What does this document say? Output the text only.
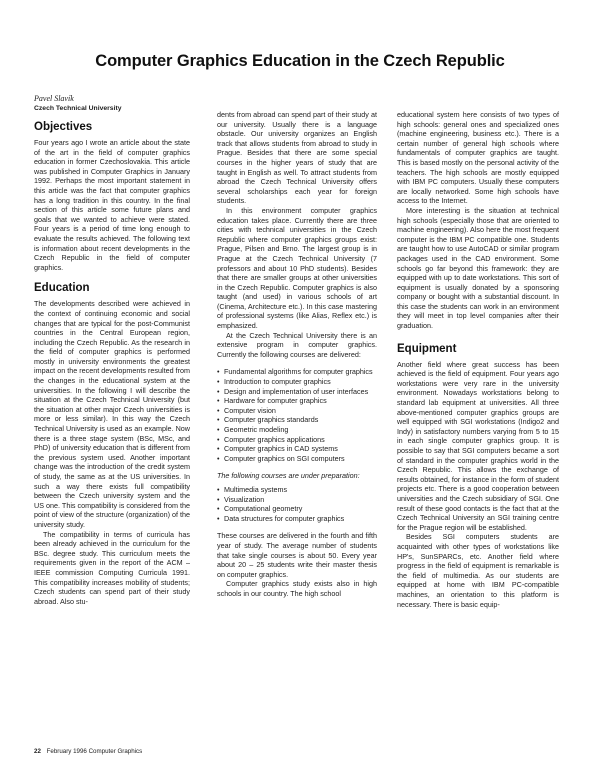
Computer Graphics Education in the Czech Republic

Pavel Slavík

Czech Technical University

Objectives

Four years ago I wrote an article about the state of the art in the field of computer graphics education in former Czechoslovakia. This article was published in Computer Graphics in January 1992. Perhaps the most important statement in this article was the fact that computer graphics has a long tradition in this country. In the final section of this article some future plans and goals that we wanted to achieve were stated. Four years is a period of time long enough to evaluate the results achieved. The following text is information about recent developments in the Czech Republic in the field of computer graphics.

Education

The developments described were achieved in the context of continuing economic and social changes that are typical for the post-Communist countries in the Central European region, including the Czech Republic. As the research in the field of computer graphics is performed mostly in university environments the greatest impact on the recent developments resulted from the changes in the educational system at the universities. In the following I will describe the situation at the Czech Technical University (but the situation at other major Czech universities is more or less similar). In this way the Czech Technical University is used as an example. Now there is a three stage system (BSc, MSc, and PhD) of university education that is different from the previous system used. Another important change was the introduction of the credit system of study, the same as at the US universities. In such a way there exists full compatibility between the Czech university system and the US one. This compatibility is considered from the point of view of the structure (organization) of the university study.

The compatibility in terms of curricula has been already achieved in the curriculum for the BSc. degree study. This curriculum meets the requirements given in the report of the ACM – IEEE commission Computing Curricula 1991. This compatibility increases mobility of students; Czech students can spend part of their study abroad. Also stu-

dents from abroad can spend part of their study at our university. Usually there is a language obstacle. Our university organizes an English track that allows students from abroad to study in Prague. Besides that there are some special courses in the higher years of study that are taught in English as well. To attract students from abroad the Czech Technical University offers several scholarships each year for foreign students.

In this environment computer graphics education takes place. Currently there are three cities with technical universities in the Czech Republic where computer graphics groups exist: Prague, Pilsen and Brno. The largest group is in Prague at the Czech Technical University (7 professors and about 10 PhD students). Besides that there are smaller groups at other universities in the Czech Republic. Computer graphics is also taught (and used) in various schools of art (Cinema, Architecture etc.). In this case mastering of professional systems (like Alias, Reflex etc.) is emphasized.

At the Czech Technical University there is an extensive program in computer graphics. Currently the following courses are delivered:

• Fundamental algorithms for computer graphics
• Introduction to computer graphics
• Design and implementation of user interfaces
• Hardware for computer graphics
• Computer vision
• Computer graphics standards
• Geometric modeling
• Computer graphics applications
• Computer graphics in CAD systems
• Computer graphics on SGI computers

The following courses are under preparation:

• Multimedia systems
• Visualization
• Computational geometry
• Data structures for computer graphics

These courses are delivered in the fourth and fifth year of study. The average number of students that take single courses is about 50. Every year about 20 – 25 students write their master thesis on computer graphics.

Computer graphics study exists also in high schools in our country. The high school

educational system here consists of two types of high schools: general ones and specialized ones (machine engineering, business etc.). There is a certain number of general high schools where fundamentals of computer graphics are taught. This is based mostly on the personal activity of the teachers. The high schools are mostly equipped with IBM PC computers. Usually these computers are locally networked. Some high schools have access to the Internet.

More interesting is the situation at technical high schools (especially those that are oriented to machine engineering). Also here the most frequent computer is the IBM PC compatible one. Students are taught how to use AutoCAD or similar program packages used in the CAD environment. Some schools go far beyond this framework: they are equipped with up to date workstations. This sort of equipment is usually donated by a sponsoring company or bought with a substantial discount. In this case the students can work in an environment they will meet in top level companies after their graduation.

Equipment

Another field where great success has been achieved is the field of equipment. Four years ago workstations were very rare in the university environment. Nowadays workstations belong to standard lab equipment at universities. All three above-mentioned computer graphics groups are well equipped with SGI workstations (Indigo2 and Indy) in satisfactory numbers varying from 5 to 15 in each single computer graphics group. It is possible to say that SGI computers became a sort of standard in the computer graphics world in the Czech Republic. This allows the exchange of results obtained, for instance in the form of student projects etc. There is a good cooperation between universities and the Czech subsidiary of SGI. One result of these good contacts is the fact that at the Czech Technical University an SGI training centre for the Prague region will be established.

Besides SGI computers students are acquainted with other types of workstations like HP's, SunSPARCs, etc. Another field where progress in the field of equipment is remarkable is the field of multimedia. As our students are equipped at home with IBM PC-compatible machines, an orientation to this platform is necessary. There is basic equip-

22 February 1996 Computer Graphics
